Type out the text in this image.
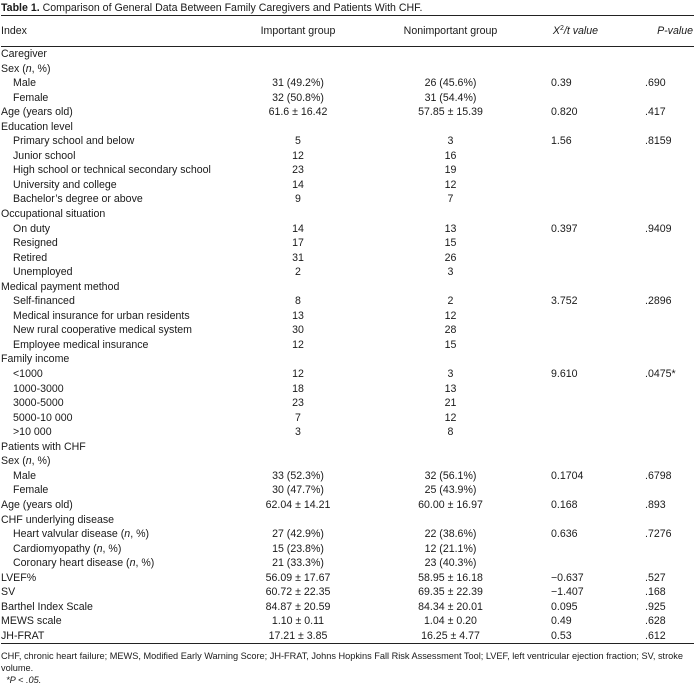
Table 1. Comparison of General Data Between Family Caregivers and Patients With CHF.
Index	Important group	Nonimportant group	$X^2/t$ value	P-value
Caregiver				
Sex (n, %)				
Male	31 (49.2%)	26 (45.6%)	0.39	.690
Female	32 (50.8%)	31 (54.4%)		
Age (years old)	61.6 ± 16.42	57.85 ± 15.39	0.820	.417
Education level				
Primary school and below	5	3	1.56	.8159
Junior school	12	16		
High school or technical secondary school	23	19		
University and college	14	12		
Bachelor’s degree or above	9	7		
Occupational situation				
On duty	14	13	0.397	.9409
Resigned	17	15		
Retired	31	26		
Unemployed	2	3		
Medical payment method				
Self-financed	8	2	3.752	.2896
Medical insurance for urban residents	13	12		
New rural cooperative medical system	30	28		
Employee medical insurance	12	15		
Family income				
<1000	12	3	9.610	.0475*
1000-3000	18	13		
3000-5000	23	21		
5000-10 000	7	12		
>10 000	3	8		
Patients with CHF				
Sex (n, %)				
Male	33 (52.3%)	32 (56.1%)	0.1704	.6798
Female	30 (47.7%)	25 (43.9%)		
Age (years old)	62.04 ± 14.21	60.00 ± 16.97	0.168	.893
CHF underlying disease				
Heart valvular disease (n, %)	27 (42.9%)	22 (38.6%)	0.636	.7276
Cardiomyopathy (n, %)	15 (23.8%)	12 (21.1%)		
Coronary heart disease (n, %)	21 (33.3%)	23 (40.3%)		
LVEF%	56.09 ± 17.67	58.95 ± 16.18	−0.637	.527
SV	60.72 ± 22.35	69.35 ± 22.39	−1.407	.168
Barthel Index Scale	84.87 ± 20.59	84.34 ± 20.01	0.095	.925
MEWS scale	1.10 ± 0.11	1.04 ± 0.20	0.49	.628
JH-FRAT	17.21 ± 3.85	16.25 ± 4.77	0.53	.612

CHF, chronic heart failure; MEWS, Modified Early Warning Score; JH-FRAT, Johns Hopkins Fall Risk Assessment Tool; LVEF, left ventricular ejection fraction; SV, stroke volume.

*P < .05.
